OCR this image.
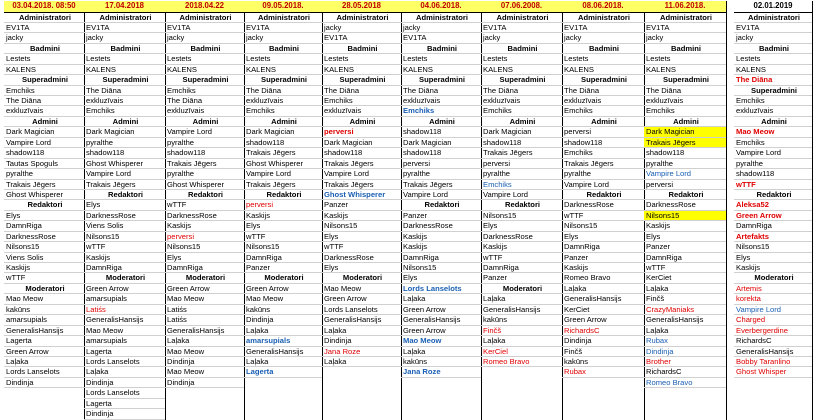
03.04.2018. 08:50
Administratori
EV1TA
jacky
Badmini
Lestets
KALENS
Superadmini
Emchiks
The Diāna
exkluzīvais
Admini
Dark Magician
Vampire Lord
shadow118
Tautas Spoguls
pyralthe
Trakais Jēgers
Ghost Whisperer
Redaktori
Elys
DamnRiga
DarknessRose
Nilsons15
Viens Solis
Kaskijs
wTTF
Moderatori
Mao Meow
kakūns
amarsupials
GeneralisHansijs
Lagerta
Green Arrow
Laļaka
Lords Lanselots
Dindinja
17.04.2018
Administratori
EV1TA
jacky
Badmini
Lestets
KALENS
Superadmini
The Diāna
exkluzīvais
Emchiks
Admini
Dark Magician
pyralthe
shadow118
Ghost Whisperer
Vampire Lord
Trakais Jēgers
Redaktori
Elys
DarknessRose
Viens Solis
Nilsons15
wTTF
Kaskijs
DamnRiga
Moderatori
Green Arrow
amarsupials
Latiśs
GeneralisHansijs
Mao Meow
amarsupials
Lagerta
Lords Lanselots
Laļaka
Dindinja
Lords Lanselots
Lagerta
Dindinja
2018.04.22
Administratori
EV1TA
jacky
Badmini
Lestets
KALENS
Superadmini
Emchiks
The Diāna
exkluzīvais
Admini
Vampire Lord
pyralthe
shadow118
Trakais Jēgers
pyralthe
Ghost Whisperer
Redaktori
wTTF
DarknessRose
Kaskijs
perversi
Nilsons15
Elys
DamnRiga
Moderatori
Green Arrow
Mao Meow
Latiśs
Latiśs
GeneralisHansijs
Laļaka
Mao Meow
Dindinja
Mao Meow
Dindinja
09.05.2018.
Administratori
EV1TA
jacky
Badmini
Lestets
KALENS
Superadmini
The Diāna
exkluzīvais
Emchiks
Admini
Dark Magician
shadow118
Trakais Jēgers
Ghost Whisperer
Vampire Lord
Trakais Jēgers
Redaktori
perversi
Kaskijs
Elys
wTTF
Nilsons15
DamnRiga
Panzer
Moderatori
Green Arrow
Mao Meow
kakūns
Dindinja
Laļaka
amarsupials
GeneralisHansijs
Laļaka
Lagerta
28.05.2018
Administratori
jacky
EV1TA
Badmini
Lestets
KALENS
Superadmini
The Diāna
Emchiks
exkluzīvais
Admini
perversi
Dark Magician
shadow118
Trakais Jēgers
Vampire Lord
Trakais Jēgers
Ghost Whisperer
Panzer
Kaskijs
Nilsons15
Elys
wTTF
DarknessRose
Elys
Moderatori
Mao Meow
Green Arrow
Lords Lanselots
GeneralisHansijs
Laļaka
Dindinja
Jana Roze
Laļaka
04.06.2018.
Administratori
jacky
EV1TA
Badmini
Lestets
KALENS
Superadmini
The Diāna
exkluzīvais
Emchiks
Admini
shadow118
Dark Magician
shadow118
perversi
pyralthe
Trakais Jēgers
Vampire Lord
Redaktori
Panzer
DarknessRose
Kaskijs
Kaskijs
DamnRiga
Nilsons15
Elys
Lords Lanselots
Laļaka
Green Arrow
GeneralisHansijs
Green Arrow
Mao Meow
Laļaka
kakūns
Jana Roze
07.06.2008.
Administratori
EV1TA
jacky
Badmini
Lestets
KALENS
Superadmini
The Diāna
exkluzīvais
Emchiks
Admini
Dark Magician
shadow118
Trakais Jēgers
perversi
pyralthe
Emchiks
Vampire Lord
Redaktori
Nilsons15
Elys
DarknessRose
Kaskijs
wTTF
DamnRiga
Panzer
Moderatori
Laļaka
GeneralisHansijs
kakūns
Finčš
Laļaka
KerCiel
Romeo Bravo
08.06.2018.
Administratori
EV1TA
jacky
Badmini
Lestets
KALENS
Superadmini
The Diāna
exkluzīvais
Emchiks
Admini
perversi
shadow118
Emchiks
Trakais Jēgers
pyralthe
Vampire Lord
Redaktori
DarknessRose
wTTF
Nilsons15
Elys
DamnRiga
Panzer
Kaskijs
Romeo Bravo
Laļaka
GeneralisHansijs
KerCiet
Green Arrow
RichardsC
Dindinja
Finčš
kakūns
Rubax
11.06.2018.
Administratori
EV1TA
jacky
Badmini
Lestets
KALENS
Superadmini
The Diāna
exkluzīvais
Emchiks
Admini
Dark Magician
Trakais Jēgers
shadow118
pyralthe
Vampire Lord
perversi
Redaktori
DarknessRose
Nilsons15
Kaskijs
Elys
Panzer
DamnRiga
wTTF
KerCiet
Laļaka
Finčš
CrazyManiaks
GeneralisHansijs
Laļaka
Rubax
Dindinja
Brother
RichardsC
Romeo Bravo
02.01.2019
Administratori
EV1TA
jacky
Badmini
Lestets
KALENS
The Diāna
Superadmini
Emchiks
exkluzīvais
Admini
Mao Meow
Emchiks
Vampire Lord
pyralthe
shadow118
wTTF
Redaktori
Aleksa52
Green Arrow
DamnRiga
Artefakts
Nilsons15
Elys
Kaskijs
Moderatori
Artemis
korekta
Vampire Lord
Charged
Everbergerdine
RichardsC
GeneralisHansijs
Bobby Taranlino
Ghost Whisper
